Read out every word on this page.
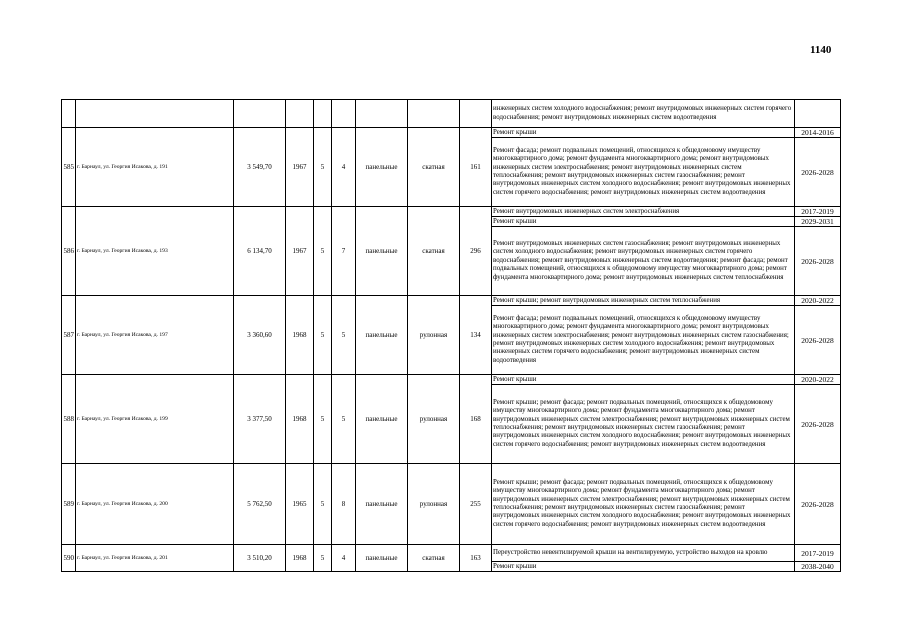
1140
									инженерных систем холодного водоснабжения; ремонт внутридомовых инженерных систем горячего водоснабжения; ремонт внутридомовых инженерных систем водоотведения	
585	г. Барнаул, ул. Георгия Исакова, д. 191	3 549,70	1967	5	4	панельные	скатная	161	Ремонт крыши	2014-2016
									Ремонт фасада; ремонт подвальных помещений, относящихся к общедомовому имуществу многоквартирного дома; ремонт фундамента многоквартирного дома; ремонт внутридомовых инженерных систем электроснабжения; ремонт внутридомовых инженерных систем теплоснабжения; ремонт внутридомовых инженерных систем газоснабжения; ремонт внутридомовых инженерных систем холодного водоснабжения; ремонт внутридомовых инженерных систем горячего водоснабжения; ремонт внутридомовых инженерных систем водоотведения	2026-2028
586	г. Барнаул, ул. Георгия Исакова, д. 193	6 134,70	1967	5	7	панельные	скатная	296	Ремонт внутридомовых инженерных систем электроснабжения	2017-2019
									Ремонт крыши	2029-2031
									Ремонт внутридомовых инженерных систем газоснабжения; ремонт внутридомовых инженерных систем холодного водоснабжения; ремонт внутридомовых инженерных систем горячего водоснабжения; ремонт внутридомовых инженерных систем водоотведения; ремонт фасада; ремонт подвальных помещений, относящихся к общедомовому имуществу многоквартирного дома; ремонт фундамента многоквартирного дома; ремонт внутридомовых инженерных систем теплоснабжения	2026-2028
587	г. Барнаул, ул. Георгия Исакова, д. 197	3 360,60	1968	5	5	панельные	рулонная	134	Ремонт крыши; ремонт внутридомовых инженерных систем теплоснабжения	2020-2022
									Ремонт фасада; ремонт подвальных помещений, относящихся к общедомовому имуществу многоквартирного дома; ремонт фундамента многоквартирного дома; ремонт внутридомовых инженерных систем электроснабжения; ремонт внутридомовых инженерных систем газоснабжения; ремонт внутридомовых инженерных систем холодного водоснабжения; ремонт внутридомовых инженерных систем горячего водоснабжения; ремонт внутридомовых инженерных систем водоотведения	2026-2028
588	г. Барнаул, ул. Георгия Исакова, д. 199	3 377,50	1968	5	5	панельные	рулонная	168	Ремонт крыши	2020-2022
									Ремонт крыши; ремонт фасада; ремонт подвальных помещений, относящихся к общедомовому имуществу многоквартирного дома; ремонт фундамента многоквартирного дома; ремонт внутридомовых инженерных систем электроснабжения; ремонт внутридомовых инженерных систем теплоснабжения; ремонт внутридомовых инженерных систем газоснабжения; ремонт внутридомовых инженерных систем холодного водоснабжения; ремонт внутридомовых инженерных систем горячего водоснабжения; ремонт внутридомовых инженерных систем водоотведения	2026-2028
589	г. Барнаул, ул. Георгия Исакова, д. 200	5 762,50	1965	5	8	панельные	рулонная	255	Ремонт крыши; ремонт фасада; ремонт подвальных помещений, относящихся к общедомовому имуществу многоквартирного дома; ремонт фундамента многоквартирного дома; ремонт внутридомовых инженерных систем электроснабжения; ремонт внутридомовых инженерных систем теплоснабжения; ремонт внутридомовых инженерных систем газоснабжения; ремонт внутридомовых инженерных систем холодного водоснабжения; ремонт внутридомовых инженерных систем горячего водоснабжения; ремонт внутридомовых инженерных систем водоотведения	2026-2028
590	г. Барнаул, ул. Георгия Исакова, д. 201	3 510,20	1968	5	4	панельные	скатная	163	Переустройство невентилируемой крыши на вентилируемую, устройство выходов на кровлю	2017-2019
									Ремонт крыши	2038-2040
